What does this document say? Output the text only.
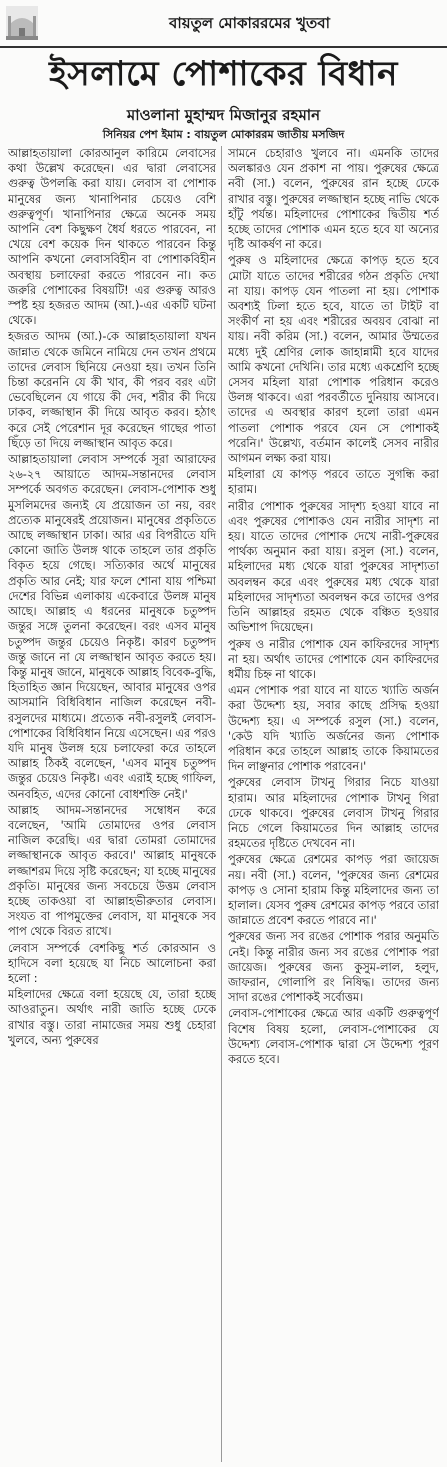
বায়তুল মোকাররমের খুতবা
ইসলামে পোশাকের বিধান
মাওলানা মুহাম্মদ মিজানুর রহমান
সিনিয়র পেশ ইমাম : বায়তুল মোকাররম জাতীয় মসজিদ

আল্লাহতায়ালা কোরআনুল কারিমে লেবাসের কথা উল্লেখ করেছেন। এর দ্বারা লেবাসের গুরুত্ব উপলব্ধি করা যায়। লেবাস বা পোশাক মানুষের জন্য খানাপিনার চেয়েও বেশি গুরুত্বপূর্ণ। খানাপিনার ক্ষেত্রে অনেক সময় আপনি বেশ কিছুক্ষণ ধৈর্য ধরতে পারবেন, না খেয়ে বেশ কয়েক দিন থাকতে পারবেন কিন্তু আপনি কখনো লেবাসবিহীন বা পোশাকবিহীন অবস্থায় চলাফেরা করতে পারবেন না। কত জরুরি পোশাকের বিষয়টি! এর গুরুত্ব আরও স্পষ্ট হয় হজরত আদম (আ.)-এর একটি ঘটনা থেকে।

হজরত আদম (আ.)-কে আল্লাহতায়ালা যখন জান্নাত থেকে জমিনে নামিয়ে দেন তখন প্রথমে তাদের লেবাস ছিনিয়ে নেওয়া হয়। তখন তিনি চিন্তা করেননি যে কী খাব, কী পরব বরং এটা ভেবেছিলেন যে গায়ে কী দেব, শরীর কী দিয়ে ঢাকব, লজ্জাস্থান কী দিয়ে আবৃত করব। হঠাৎ করে সেই পেরেশান দূর করেছেন গাছের পাতা ছিঁড়ে তা দিয়ে লজ্জাস্থান আবৃত করে।

আল্লাহতায়ালা লেবাস সম্পর্কে সূরা আরাফের ২৬-২৭ আয়াতে আদম-সন্তানদের লেবাস সম্পর্কে অবগত করেছেন। লেবাস-পোশাক শুধু মুসলিমদের জন্যই যে প্রয়োজন তা নয়, বরং প্রত্যেক মানুষেরই প্রয়োজন। মানুষের প্রকৃতিতে আছে লজ্জাস্থান ঢাকা। আর এর বিপরীতে যদি কোনো জাতি উলঙ্গ থাকে তাহলে তার প্রকৃতি বিকৃত হয়ে গেছে। সত্যিকার অর্থে মানুষের প্রকৃতি আর নেই; যার ফলে শোনা যায় পশ্চিমা দেশের বিভিন্ন এলাকায় একেবারে উলঙ্গ মানুষ আছে। আল্লাহ এ ধরনের মানুষকে চতুষ্পদ জন্তুর সঙ্গে তুলনা করেছেন। বরং এসব মানুষ চতুষ্পদ জন্তুর চেয়েও নিকৃষ্ট। কারণ চতুষ্পদ জন্তু জানে না যে লজ্জাস্থান আবৃত করতে হয়। কিন্তু মানুষ জানে, মানুষকে আল্লাহ বিবেক-বুদ্ধি, হিতাহিত জ্ঞান দিয়েছেন, আবার মানুষের ওপর আসমানি বিধিবিধান নাজিল করেছেন নবী-রসুলদের মাধ্যমে। প্রত্যেক নবী-রসুলই লেবাস-পোশাকের বিধিবিধান নিয়ে এসেছেন। এর পরও যদি মানুষ উলঙ্গ হয়ে চলাফেরা করে তাহলে আল্লাহ ঠিকই বলেছেন, 'এসব মানুষ চতুষ্পদ জন্তুর চেয়েও নিকৃষ্ট। এবং এরাই হচ্ছে গাফিল, অনবহিত, এদের কোনো বোধশক্তি নেই।'

আল্লাহ আদম-সন্তানদের সম্বোধন করে বলেছেন, 'আমি তোমাদের ওপর লেবাস নাজিল করেছি। এর দ্বারা তোমরা তোমাদের লজ্জাস্থানকে আবৃত করবে।' আল্লাহ মানুষকে লজ্জাশরম দিয়ে সৃষ্টি করেছেন; যা হচ্ছে মানুষের প্রকৃতি। মানুষের জন্য সবচেয়ে উত্তম লেবাস হচ্ছে তাকওয়া বা আল্লাহভীরুতার লেবাস। সংযত বা পাপমুক্তের লেবাস, যা মানুষকে সব পাপ থেকে বিরত রাখে।

লেবাস সম্পর্কে বেশকিছু শর্ত কোরআন ও হাদিসে বলা হয়েছে যা নিচে আলোচনা করা হলো :

মহিলাদের ক্ষেত্রে বলা হয়েছে যে, তারা হচ্ছে আওরাতুন। অর্থাৎ নারী জাতি হচ্ছে ঢেকে রাখার বস্তু। তারা নামাজের সময় শুধু চেহারা খুলবে, অন্য পুরুষের

সামনে চেহারাও খুলবে না। এমনকি তাদের অলঙ্কারও যেন প্রকাশ না পায়। পুরুষের ক্ষেত্রে নবী (সা.) বলেন, পুরুষের রান হচ্ছে ঢেকে রাখার বস্তু। পুরুষের লজ্জাস্থান হচ্ছে নাভি থেকে হাঁটু পর্যন্ত। মহিলাদের পোশাকের দ্বিতীয় শর্ত হচ্ছে তাদের পোশাক এমন হতে হবে যা অন্যের দৃষ্টি আকর্ষণ না করে।

পুরুষ ও মহিলাদের ক্ষেত্রে কাপড় হতে হবে মোটা যাতে তাদের শরীরের গঠন প্রকৃতি দেখা না যায়। কাপড় যেন পাতলা না হয়। পোশাক অবশ্যই ঢিলা হতে হবে, যাতে তা টাইট বা সংকীর্ণ না হয় এবং শরীরের অবয়ব বোঝা না যায়। নবী করিম (সা.) বলেন, আমার উম্মতের মধ্যে দুই শ্রেণির লোক জাহান্নামী হবে যাদের আমি কখনো দেখিনি। তার মধ্যে একশ্রেণি হচ্ছে সেসব মহিলা যারা পোশাক পরিধান করেও উলঙ্গ থাকবে। এরা পরবর্তীতে দুনিয়ায় আসবে। তাদের এ অবস্থার কারণ হলো তারা এমন পাতলা পোশাক পরবে যেন সে পোশাকই পরেনি।' উল্লেখ্য, বর্তমান কালেই সেসব নারীর আগমন লক্ষ্য করা যায়।

মহিলারা যে কাপড় পরবে তাতে সুগন্ধি করা হারাম।

নারীর পোশাক পুরুষের সাদৃশ্য হওয়া যাবে না এবং পুরুষের পোশাকও যেন নারীর সাদৃশ্য না হয়। যাতে তাদের পোশাক দেখে নারী-পুরুষের পার্থক্য অনুমান করা যায়। রসুল (সা.) বলেন, মহিলাদের মধ্য থেকে যারা পুরুষের সাদৃশ্যতা অবলম্বন করে এবং পুরুষের মধ্য থেকে যারা মহিলাদের সাদৃশ্যতা অবলম্বন করে তাদের ওপর তিনি আল্লাহর রহমত থেকে বঞ্চিত হওয়ার অভিশাপ দিয়েছেন।

পুরুষ ও নারীর পোশাক যেন কাফিরদের সাদৃশ্য না হয়। অর্থাৎ তাদের পোশাকে যেন কাফিরদের ধর্মীয় চিহ্ন না থাকে।

এমন পোশাক পরা যাবে না যাতে খ্যাতি অর্জন করা উদ্দেশ্য হয়, সবার কাছে প্রসিদ্ধ হওয়া উদ্দেশ্য হয়। এ সম্পর্কে রসুল (সা.) বলেন, 'কেউ যদি খ্যাতি অর্জনের জন্য পোশাক পরিধান করে তাহলে আল্লাহ তাকে কিয়ামতের দিন লাঞ্ছনার পোশাক পরাবেন।'

পুরুষের লেবাস টাখনু গিরার নিচে যাওয়া হারাম। আর মহিলাদের পোশাক টাখনু গিরা ঢেকে থাকবে। পুরুষের লেবাস টাখনু গিরার নিচে গেলে কিয়ামতের দিন আল্লাহ তাদের রহমতের দৃষ্টিতে দেখবেন না।

পুরুষের ক্ষেত্রে রেশমের কাপড় পরা জায়েজ নয়। নবী (সা.) বলেন, 'পুরুষের জন্য রেশমের কাপড় ও সোনা হারাম কিন্তু মহিলাদের জন্য তা হালাল। যেসব পুরুষ রেশমের কাপড় পরবে তারা জান্নাতে প্রবেশ করতে পারবে না।'

পুরুষের জন্য সব রঙের পোশাক পরার অনুমতি নেই। কিন্তু নারীর জন্য সব রঙের পোশাক পরা জায়েজ। পুরুষের জন্য কুসুম-লাল, হলুদ, জাফরান, গোলাপি রং নিষিদ্ধ। তাদের জন্য সাদা রঙের পোশাকই সর্বোত্তম।

লেবাস-পোশাকের ক্ষেত্রে আর একটি গুরুত্বপূর্ণ বিশেষ বিষয় হলো, লেবাস-পোশাকের যে উদ্দেশ্য লেবাস-পোশাক দ্বারা সে উদ্দেশ্য পূরণ করতে হবে।
